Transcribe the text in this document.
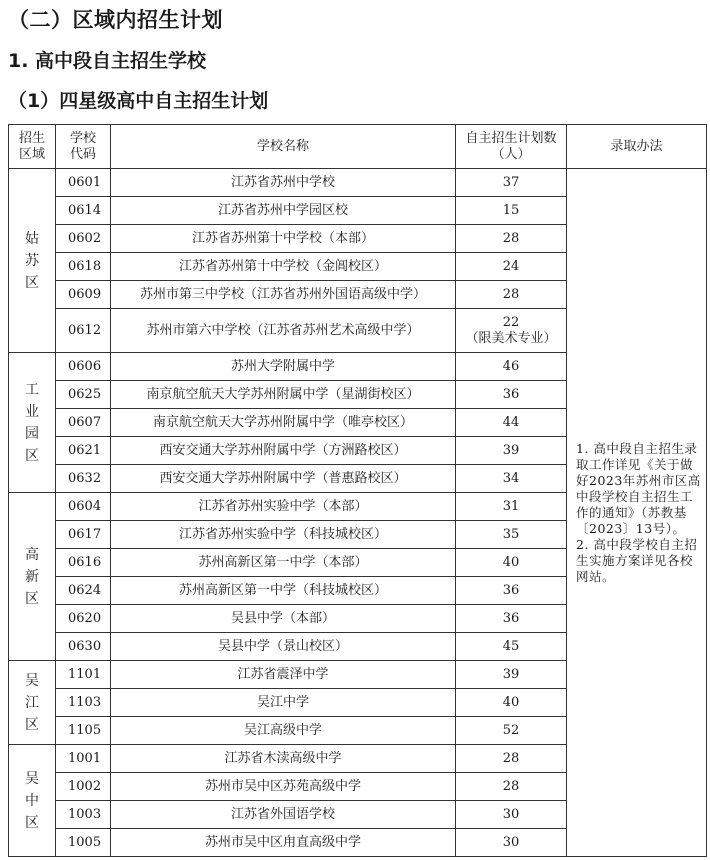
（二）区域内招生计划
1. 高中段自主招生学校
（1）四星级高中自主招生计划
招生区域	学校代码	学校名称	自主招生计划数（人）	录取办法
姑苏区	0601	江苏省苏州中学校	37	1. 高中段自主招生录取工作详见《关于做好2023年苏州市区高中段学校自主招生工作的通知》（苏教基〔2023〕13号）。

2. 高中段学校自主招生实施方案详见各校网站。

	0614	江苏省苏州中学园区校	15	

	0602	江苏省苏州第十中学校（本部）	28	

	0618	江苏省苏州第十中学校（金阊校区）	24	

	0609	苏州市第三中学校（江苏省苏州外国语高级中学）	28	

	0612	苏州市第六中学校（江苏省苏州艺术高级中学）	22
（限美术专业）	

工业园区	0606	苏州大学附属中学	46	

	0625	南京航空航天大学苏州附属中学（星湖街校区）	36	

	0607	南京航空航天大学苏州附属中学（唯亭校区）	44	

	0621	西安交通大学苏州附属中学（方洲路校区）	39	

	0632	西安交通大学苏州附属中学（普惠路校区）	34	

高新区	0604	江苏省苏州实验中学（本部）	31	

	0617	江苏省苏州实验中学（科技城校区）	35	

	0616	苏州高新区第一中学（本部）	40	

	0624	苏州高新区第一中学（科技城校区）	36	

	0620	吴县中学（本部）	36	

	0630	吴县中学（景山校区）	45	

吴江区	1101	江苏省震泽中学	39	

	1103	吴江中学	40	

	1105	吴江高级中学	52	

吴中区	1001	江苏省木渎高级中学	28	

	1002	苏州市吴中区苏苑高级中学	28	

	1003	江苏省外国语学校	30	

	1005	苏州市吴中区甪直高级中学	30	
